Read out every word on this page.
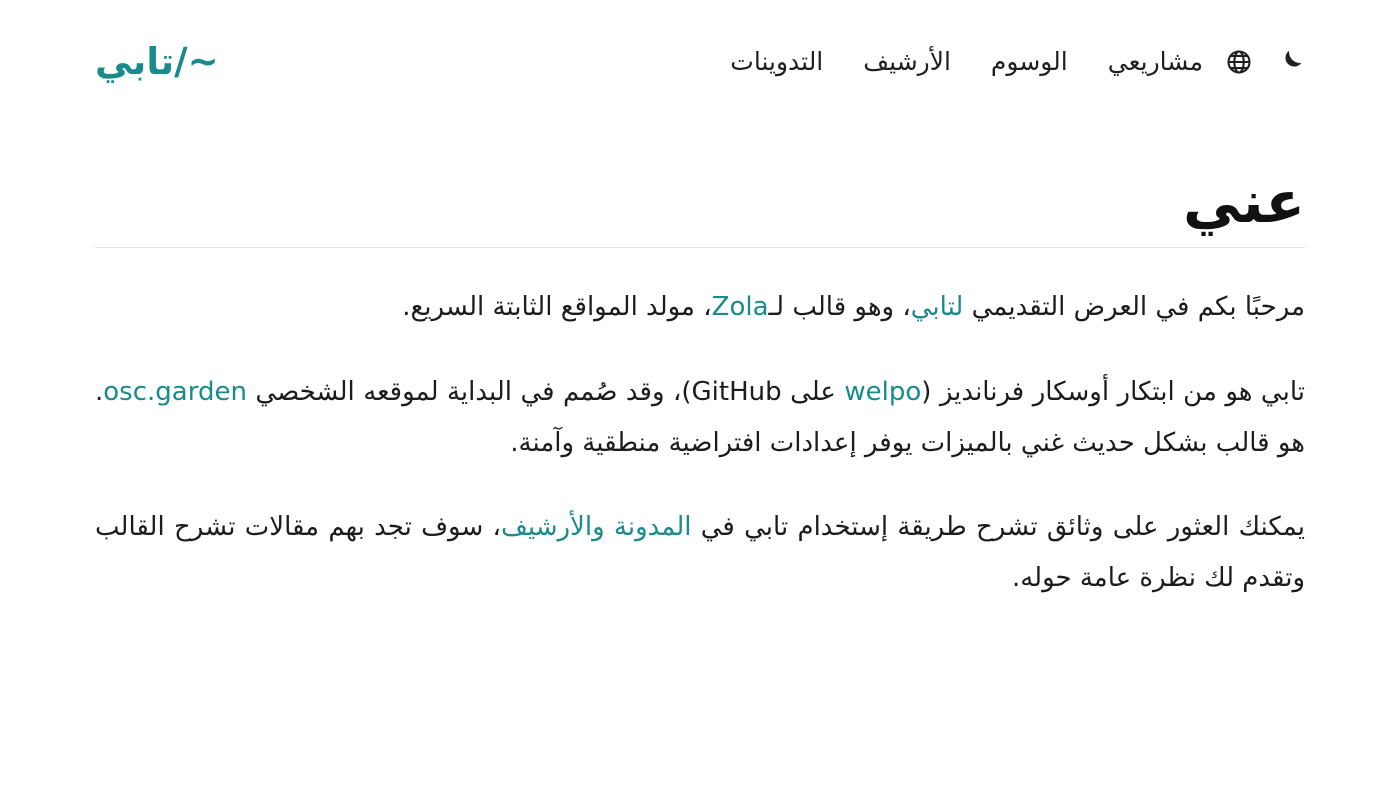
مشاريعي
الوسوم
الأرشيف
التدوينات
~/تابي
عني

مرحبًا بكم في العرض التقديمي لتابي، وهو قالب لـZola، مولد المواقع الثابتة السريع.

تابي هو من ابتكار أوسكار فرنانديز (welpo على GitHub)، وقد صُمم في البداية لموقعه الشخصي osc.garden. هو قالب بشكل حديث غني بالميزات يوفر إعدادات افتراضية منطقية وآمنة.

يمكنك العثور على وثائق تشرح طريقة إستخدام تابي في المدونة والأرشيف، سوف تجد بهم مقالات تشرح القالب وتقدم لك نظرة عامة حوله.
